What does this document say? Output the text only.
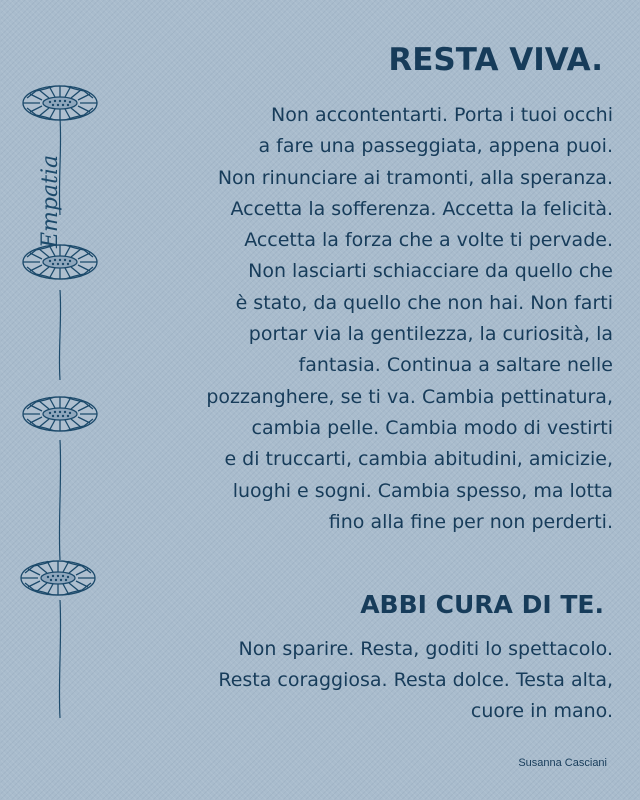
Empatia
RESTA VIVA.
Non accontentarti. Porta i tuoi occhi
a fare una passeggiata, appena puoi.
Non rinunciare ai tramonti, alla speranza.
Accetta la sofferenza. Accetta la felicità.
Accetta la forza che a volte ti pervade.
Non lasciarti schiacciare da quello che
è stato, da quello che non hai. Non farti
portar via la gentilezza, la curiosità, la
fantasia. Continua a saltare nelle
pozzanghere, se ti va. Cambia pettinatura,
cambia pelle. Cambia modo di vestirti
e di truccarti, cambia abitudini, amicizie,
luoghi e sogni. Cambia spesso, ma lotta
fino alla fine per non perderti.
ABBI CURA DI TE.
Non sparire. Resta, goditi lo spettacolo.
Resta coraggiosa. Resta dolce. Testa alta,
cuore in mano.

Susanna Casciani
